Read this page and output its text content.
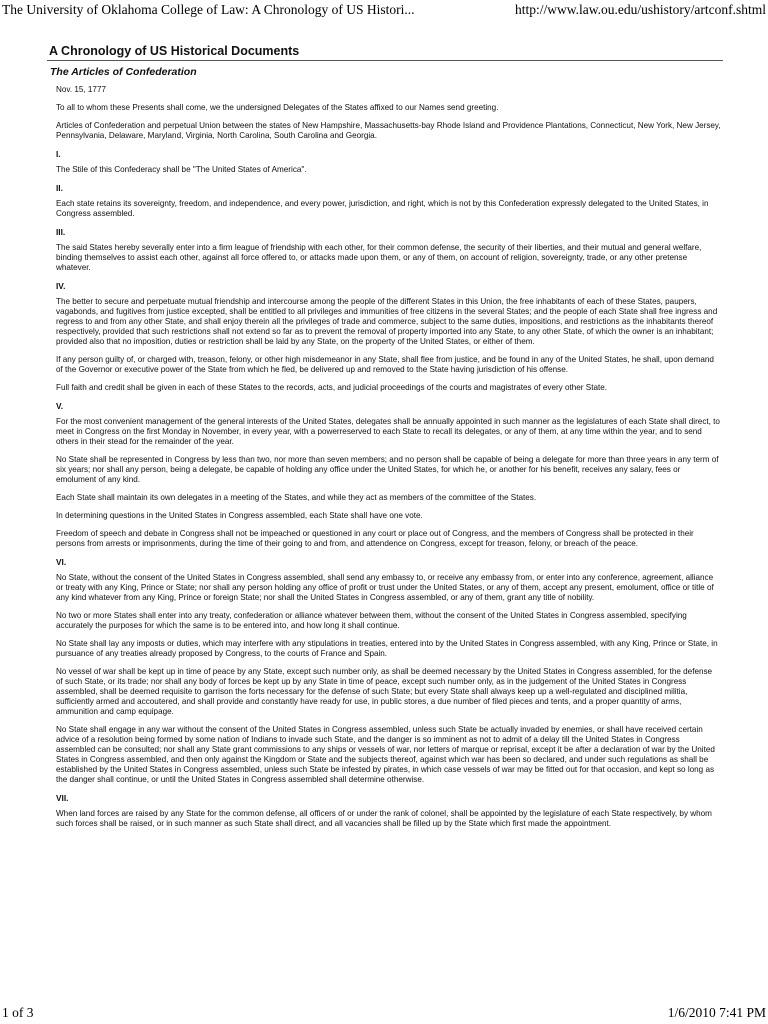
The University of Oklahoma College of Law: A Chronology of US Histori...	http://www.law.ou.edu/ushistory/artconf.shtml
A Chronology of US Historical Documents
The Articles of Confederation
Nov. 15, 1777
To all to whom these Presents shall come, we the undersigned Delegates of the States affixed to our Names send greeting.
Articles of Confederation and perpetual Union between the states of New Hampshire, Massachusetts-bay Rhode Island and Providence Plantations, Connecticut, New York, New Jersey, Pennsylvania, Delaware, Maryland, Virginia, North Carolina, South Carolina and Georgia.
I.
The Stile of this Confederacy shall be "The United States of America".
II.
Each state retains its sovereignty, freedom, and independence, and every power, jurisdiction, and right, which is not by this Confederation expressly delegated to the United States, in Congress assembled.
III.
The said States hereby severally enter into a firm league of friendship with each other, for their common defense, the security of their liberties, and their mutual and general welfare, binding themselves to assist each other, against all force offered to, or attacks made upon them, or any of them, on account of religion, sovereignty, trade, or any other pretense whatever.
IV.
The better to secure and perpetuate mutual friendship and intercourse among the people of the different States in this Union, the free inhabitants of each of these States, paupers, vagabonds, and fugitives from justice excepted, shall be entitled to all privileges and immunities of free citizens in the several States; and the people of each State shall free ingress and regress to and from any other State, and shall enjoy therein all the privileges of trade and commerce, subject to the same duties, impositions, and restrictions as the inhabitants thereof respectively, provided that such restrictions shall not extend so far as to prevent the removal of property imported into any State, to any other State, of which the owner is an inhabitant; provided also that no imposition, duties or restriction shall be laid by any State, on the property of the United States, or either of them.
If any person guilty of, or charged with, treason, felony, or other high misdemeanor in any State, shall flee from justice, and be found in any of the United States, he shall, upon demand of the Governor or executive power of the State from which he fled, be delivered up and removed to the State having jurisdiction of his offense.
Full faith and credit shall be given in each of these States to the records, acts, and judicial proceedings of the courts and magistrates of every other State.
V.
For the most convenient management of the general interests of the United States, delegates shall be annually appointed in such manner as the legislatures of each State shall direct, to meet in Congress on the first Monday in November, in every year, with a powerreserved to each State to recall its delegates, or any of them, at any time within the year, and to send others in their stead for the remainder of the year.
No State shall be represented in Congress by less than two, nor more than seven members; and no person shall be capable of being a delegate for more than three years in any term of six years; nor shall any person, being a delegate, be capable of holding any office under the United States, for which he, or another for his benefit, receives any salary, fees or emolument of any kind.
Each State shall maintain its own delegates in a meeting of the States, and while they act as members of the committee of the States.
In determining questions in the United States in Congress assembled, each State shall have one vote.
Freedom of speech and debate in Congress shall not be impeached or questioned in any court or place out of Congress, and the members of Congress shall be protected in their persons from arrests or imprisonments, during the time of their going to and from, and attendence on Congress, except for treason, felony, or breach of the peace.
VI.
No State, without the consent of the United States in Congress assembled, shall send any embassy to, or receive any embassy from, or enter into any conference, agreement, alliance or treaty with any King, Prince or State; nor shall any person holding any office of profit or trust under the United States, or any of them, accept any present, emolument, office or title of any kind whatever from any King, Prince or foreign State; nor shall the United States in Congress assembled, or any of them, grant any title of nobility.
No two or more States shall enter into any treaty, confederation or alliance whatever between them, without the consent of the United States in Congress assembled, specifying accurately the purposes for which the same is to be entered into, and how long it shall continue.
No State shall lay any imposts or duties, which may interfere with any stipulations in treaties, entered into by the United States in Congress assembled, with any King, Prince or State, in pursuance of any treaties already proposed by Congress, to the courts of France and Spain.
No vessel of war shall be kept up in time of peace by any State, except such number only, as shall be deemed necessary by the United States in Congress assembled, for the defense of such State, or its trade; nor shall any body of forces be kept up by any State in time of peace, except such number only, as in the judgement of the United States in Congress assembled, shall be deemed requisite to garrison the forts necessary for the defense of such State; but every State shall always keep up a well-regulated and disciplined militia, sufficiently armed and accoutered, and shall provide and constantly have ready for use, in public stores, a due number of filed pieces and tents, and a proper quantity of arms, ammunition and camp equipage.
No State shall engage in any war without the consent of the United States in Congress assembled, unless such State be actually invaded by enemies, or shall have received certain advice of a resolution being formed by some nation of Indians to invade such State, and the danger is so imminent as not to admit of a delay till the United States in Congress assembled can be consulted; nor shall any State grant commissions to any ships or vessels of war, nor letters of marque or reprisal, except it be after a declaration of war by the United States in Congress assembled, and then only against the Kingdom or State and the subjects thereof, against which war has been so declared, and under such regulations as shall be established by the United States in Congress assembled, unless such State be infested by pirates, in which case vessels of war may be fitted out for that occasion, and kept so long as the danger shall continue, or until the United States in Congress assembled shall determine otherwise.
VII.
When land forces are raised by any State for the common defense, all officers of or under the rank of colonel, shall be appointed by the legislature of each State respectively, by whom such forces shall be raised, or in such manner as such State shall direct, and all vacancies shall be filled up by the State which first made the appointment.
1 of 3	1/6/2010 7:41 PM
